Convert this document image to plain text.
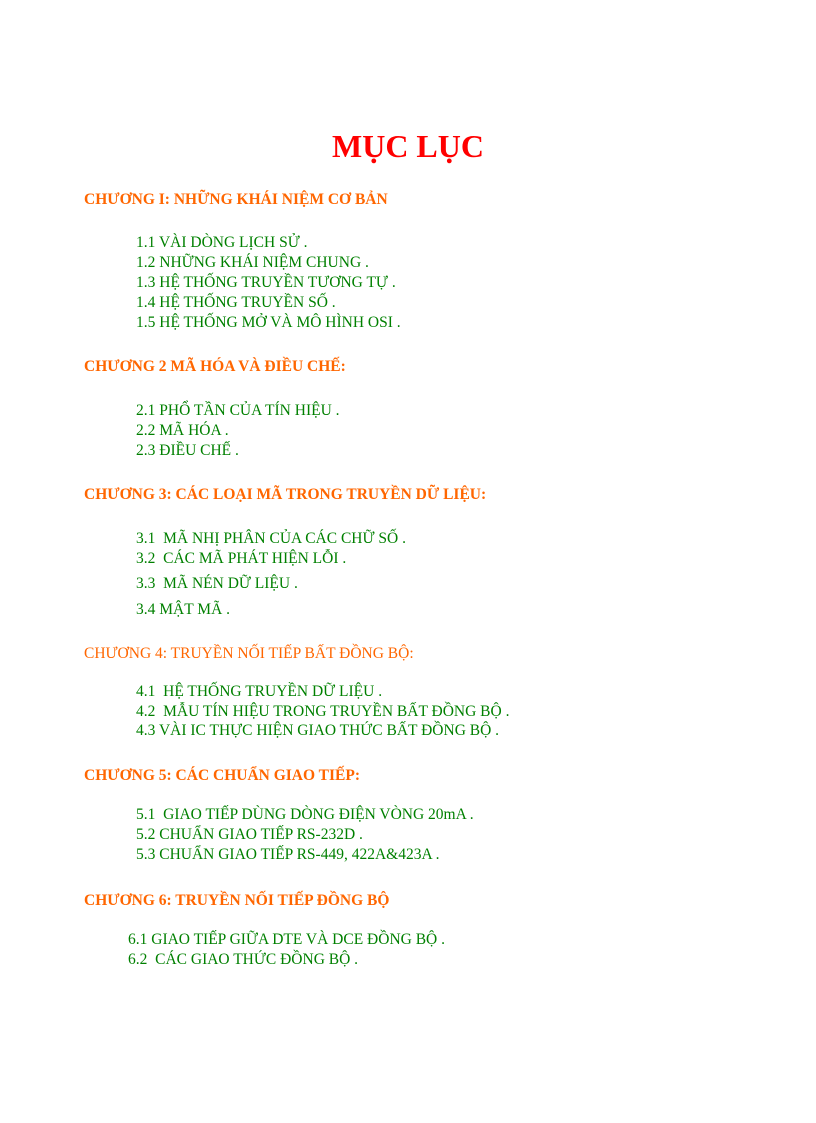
MỤC LỤC
CHƯƠNG I: NHỮNG KHÁI NIỆM CƠ BẢN
1.1 VÀI DÒNG LỊCH SỬ .
1.2 NHỮNG KHÁI NIỆM CHUNG .
1.3 HỆ THỐNG TRUYỀN TƯƠNG TỰ .
1.4 HỆ THỐNG TRUYỀN SỐ .
1.5 HỆ THỐNG MỞ VÀ MÔ HÌNH OSI .
CHƯƠNG 2 MÃ HÓA VÀ ĐIỀU CHẾ:
2.1 PHỔ TẦN CỦA TÍN HIỆU .
2.2 MÃ HÓA .
2.3 ĐIỀU CHẾ .
CHƯƠNG 3: CÁC LOẠI MÃ TRONG TRUYỀN DỮ LIỆU:
3.1  MÃ NHỊ PHÂN CỦA CÁC CHỮ SỐ .
3.2  CÁC MÃ PHÁT HIỆN LỖI .
3.3  MÃ NÉN DỮ LIỆU .
3.4 MẬT MÃ .
CHƯƠNG 4: TRUYỀN NỐI TIẾP BẤT ĐỒNG BỘ:
4.1  HỆ THỐNG TRUYỀN DỮ LIỆU .
4.2  MẪU TÍN HIỆU TRONG TRUYỀN BẤT ĐỒNG BỘ .
4.3 VÀI IC THỰC HIỆN GIAO THỨC BẤT ĐỒNG BỘ .
CHƯƠNG 5: CÁC CHUẨN GIAO TIẾP:
5.1  GIAO TIẾP DÙNG DÒNG ĐIỆN VÒNG 20mA .
5.2 CHUẨN GIAO TIẾP RS-232D .
5.3 CHUẨN GIAO TIẾP RS-449, 422A&423A .
CHƯƠNG 6: TRUYỀN NỐI TIẾP ĐỒNG BỘ
6.1 GIAO TIẾP GIỮA DTE VÀ DCE ĐỒNG BỘ .
6.2  CÁC GIAO THỨC ĐỒNG BỘ .
